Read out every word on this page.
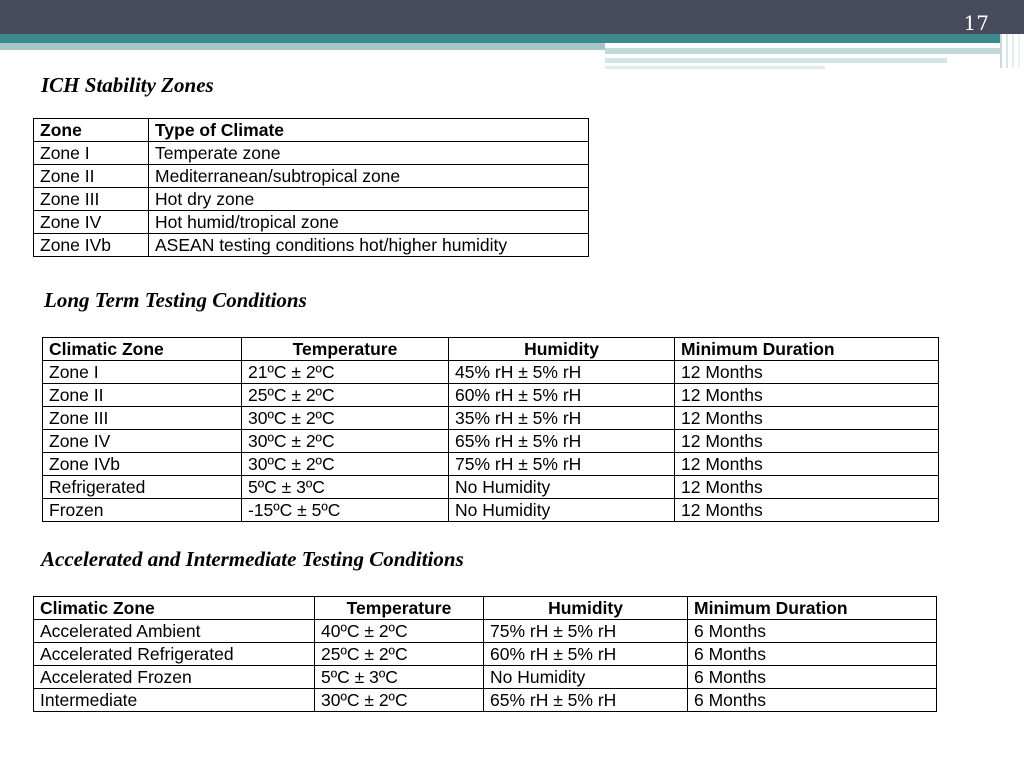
17
ICH Stability Zones
Zone	Type of Climate
Zone I	Temperate zone
Zone II	Mediterranean/subtropical zone
Zone III	Hot dry zone
Zone IV	Hot humid/tropical zone
Zone IVb	ASEAN testing conditions hot/higher humidity
Long Term Testing Conditions
Climatic Zone	Temperature	Humidity	Minimum Duration
Zone I	21ºC ± 2ºC	45% rH ± 5% rH	12 Months
Zone II	25ºC ± 2ºC	60% rH ± 5% rH	12 Months
Zone III	30ºC ± 2ºC	35% rH ± 5% rH	12 Months
Zone IV	30ºC ± 2ºC	65% rH ± 5% rH	12 Months
Zone IVb	30ºC ± 2ºC	75% rH ± 5% rH	12 Months
Refrigerated	5ºC ± 3ºC	No Humidity	12 Months
Frozen	-15ºC ± 5ºC	No Humidity	12 Months
Accelerated and Intermediate Testing Conditions
Climatic Zone	Temperature	Humidity	Minimum Duration
Accelerated Ambient	40ºC ± 2ºC	75% rH ± 5% rH	6 Months
Accelerated Refrigerated	25ºC ± 2ºC	60% rH ± 5% rH	6 Months
Accelerated Frozen	5ºC ± 3ºC	No Humidity	6 Months
Intermediate	30ºC ± 2ºC	65% rH ± 5% rH	6 Months
